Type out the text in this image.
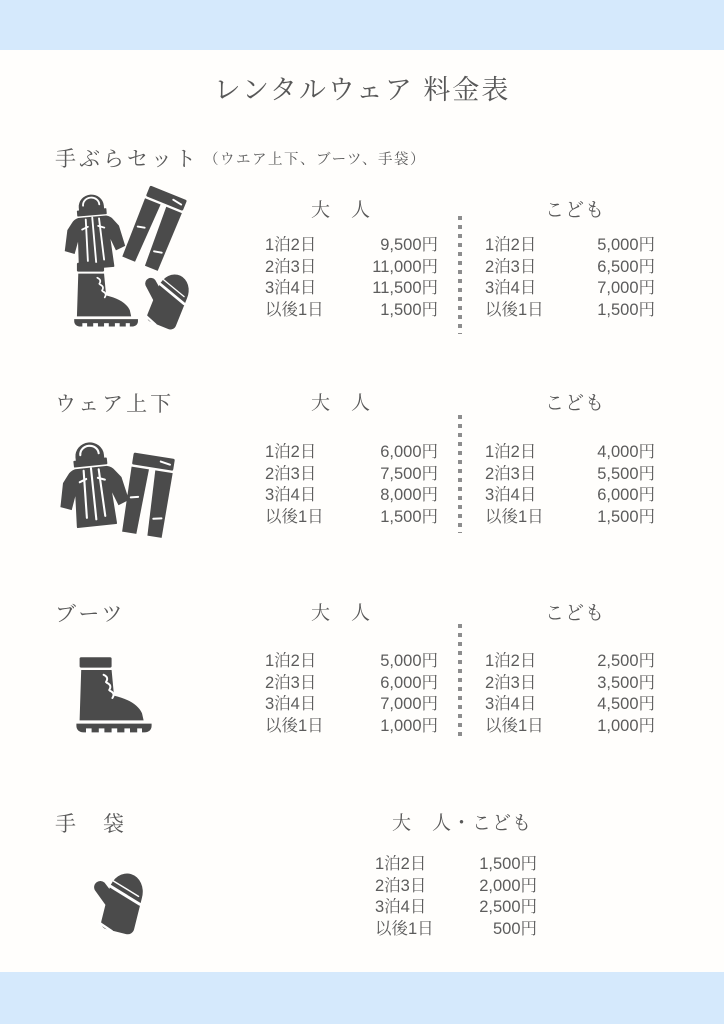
レンタルウェア 料金表
手ぶらセット （ウエア上下、ブーツ、手袋）
大　人	こども
1泊2日	9,500円
2泊3日	11,000円
3泊4日	11,500円
以後1日	1,500円
1泊2日	5,000円
2泊3日	6,500円
3泊4日	7,000円
以後1日	1,500円
ウェア上下	大　人	こども
1泊2日	6,000円
2泊3日	7,500円
3泊4日	8,000円
以後1日	1,500円
1泊2日	4,000円
2泊3日	5,500円
3泊4日	6,000円
以後1日	1,500円
ブーツ	大　人	こども
1泊2日	5,000円
2泊3日	6,000円
3泊4日	7,000円
以後1日	1,000円
1泊2日	2,500円
2泊3日	3,500円
3泊4日	4,500円
以後1日	1,000円
手　袋	大　人・こども
1泊2日	1,500円
2泊3日	2,000円
3泊4日	2,500円
以後1日	500円
